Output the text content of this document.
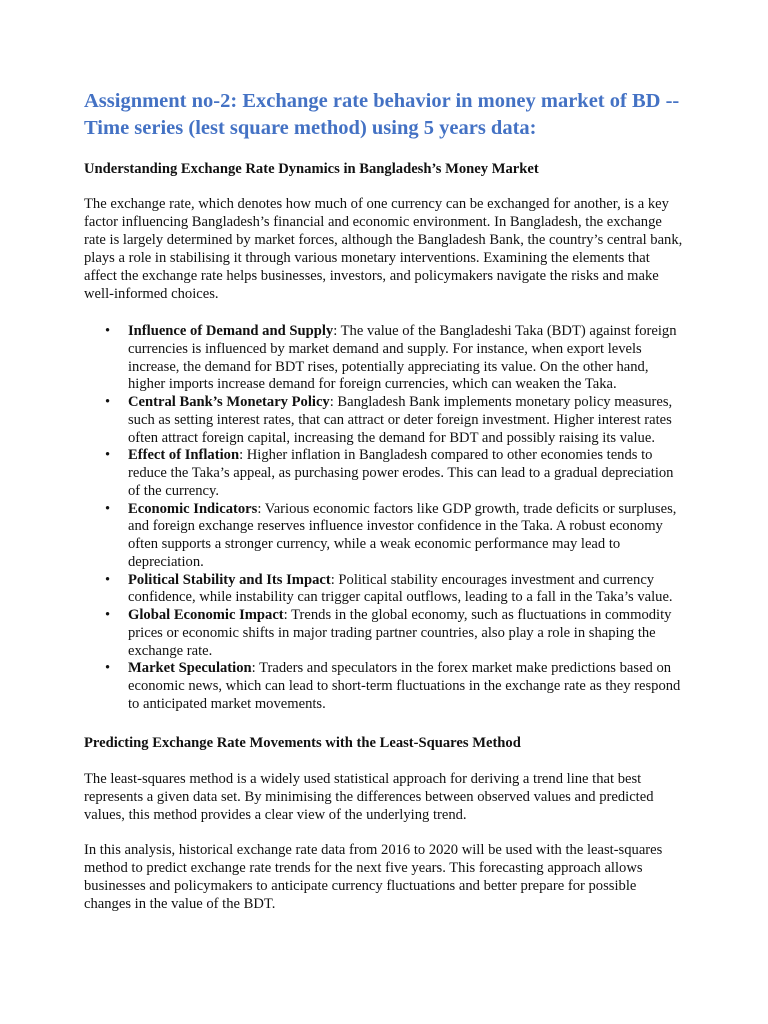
Assignment no-2: Exchange rate behavior in money market of BD -- Time series (lest square method) using 5 years data:
Understanding Exchange Rate Dynamics in Bangladesh’s Money Market

The exchange rate, which denotes how much of one currency can be exchanged for another, is a key factor influencing Bangladesh’s financial and economic environment. In Bangladesh, the exchange rate is largely determined by market forces, although the Bangladesh Bank, the country’s central bank, plays a role in stabilising it through various monetary interventions. Examining the elements that affect the exchange rate helps businesses, investors, and policymakers navigate the risks and make well-informed choices.

• Influence of Demand and Supply: The value of the Bangladeshi Taka (BDT) against foreign currencies is influenced by market demand and supply. For instance, when export levels increase, the demand for BDT rises, potentially appreciating its value. On the other hand, higher imports increase demand for foreign currencies, which can weaken the Taka.
• Central Bank’s Monetary Policy: Bangladesh Bank implements monetary policy measures, such as setting interest rates, that can attract or deter foreign investment. Higher interest rates often attract foreign capital, increasing the demand for BDT and possibly raising its value.
• Effect of Inflation: Higher inflation in Bangladesh compared to other economies tends to reduce the Taka’s appeal, as purchasing power erodes. This can lead to a gradual depreciation of the currency.
• Economic Indicators: Various economic factors like GDP growth, trade deficits or surpluses, and foreign exchange reserves influence investor confidence in the Taka. A robust economy often supports a stronger currency, while a weak economic performance may lead to depreciation.
• Political Stability and Its Impact: Political stability encourages investment and currency confidence, while instability can trigger capital outflows, leading to a fall in the Taka’s value.
• Global Economic Impact: Trends in the global economy, such as fluctuations in commodity prices or economic shifts in major trading partner countries, also play a role in shaping the exchange rate.
• Market Speculation: Traders and speculators in the forex market make predictions based on economic news, which can lead to short-term fluctuations in the exchange rate as they respond to anticipated market movements.
Predicting Exchange Rate Movements with the Least-Squares Method

The least-squares method is a widely used statistical approach for deriving a trend line that best represents a given data set. By minimising the differences between observed values and predicted values, this method provides a clear view of the underlying trend.

In this analysis, historical exchange rate data from 2016 to 2020 will be used with the least-squares method to predict exchange rate trends for the next five years. This forecasting approach allows businesses and policymakers to anticipate currency fluctuations and better prepare for possible changes in the value of the BDT.
